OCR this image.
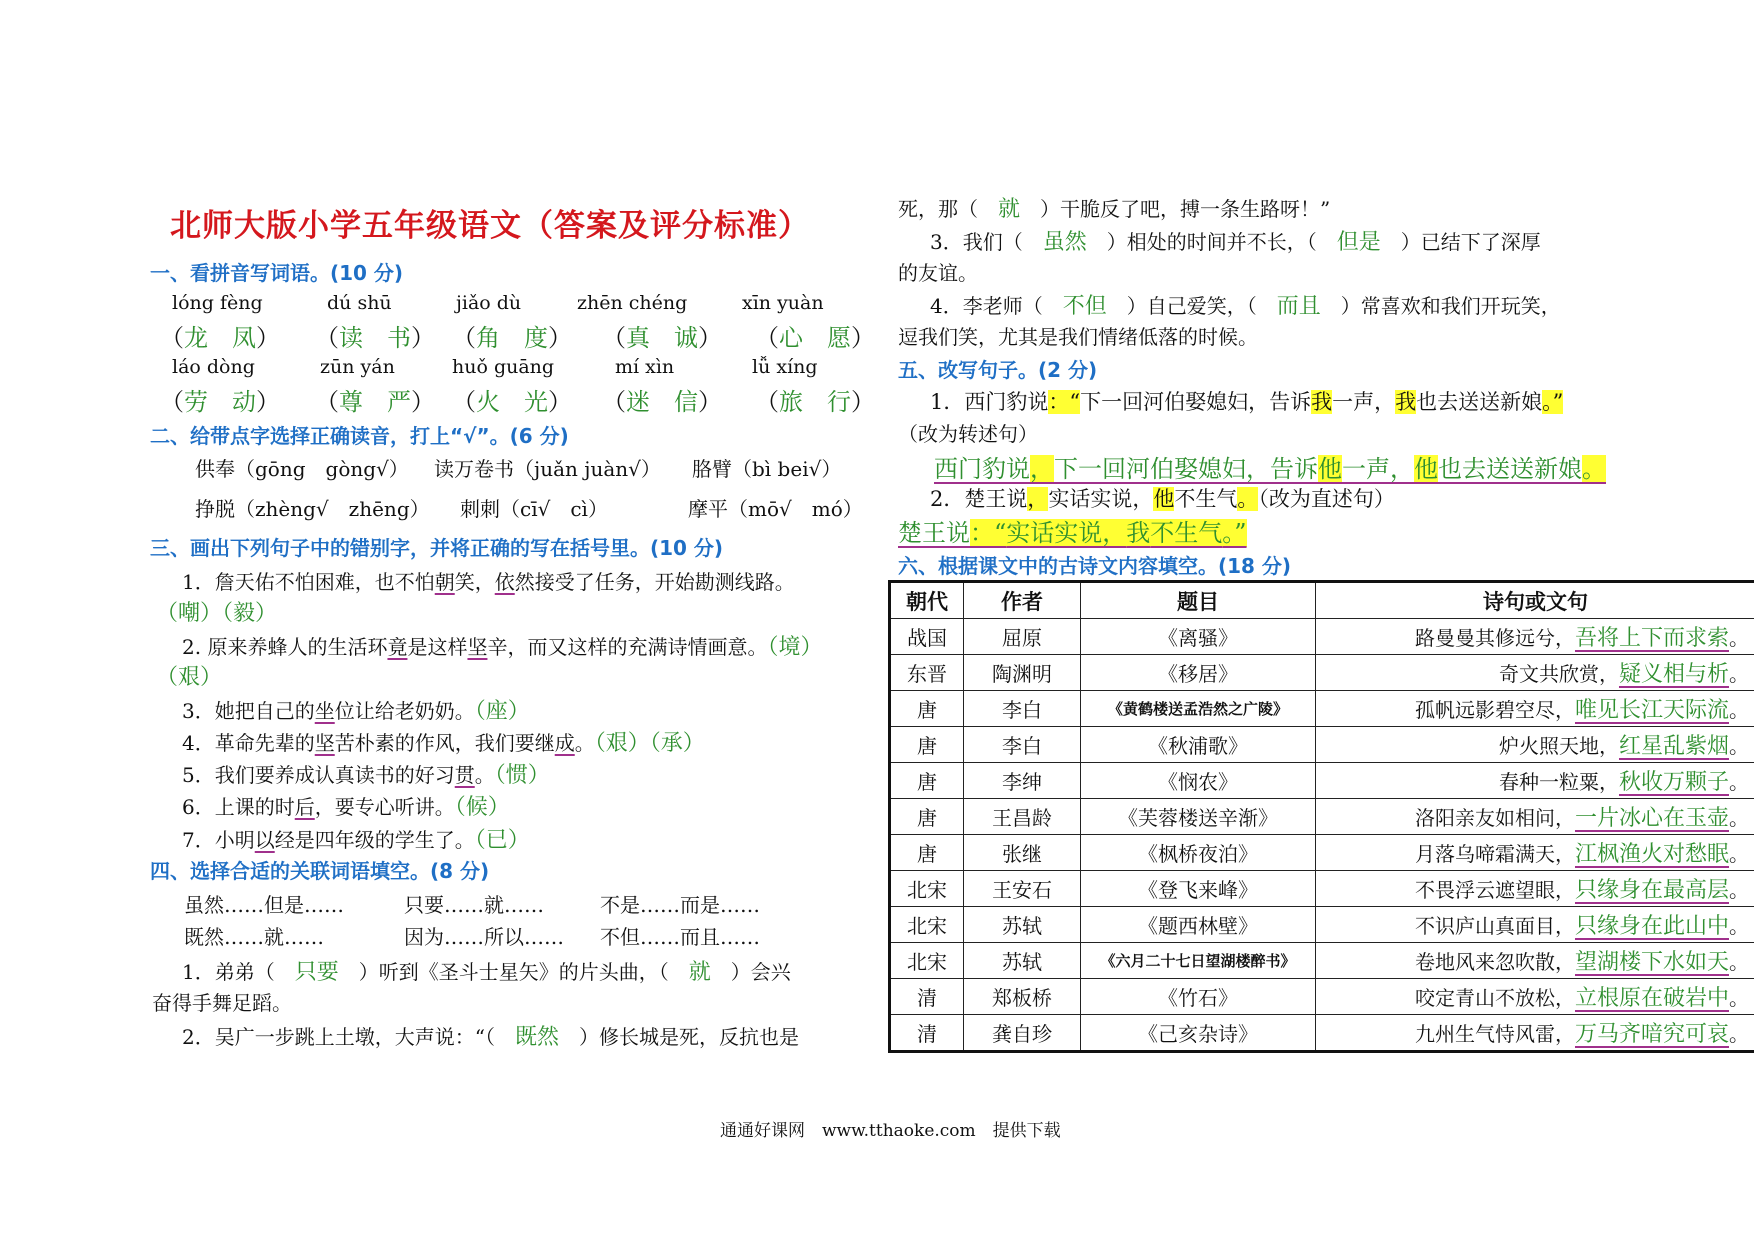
北师大版小学五年级语文（答案及评分标准）
一、看拼音写词语。(10 分)
lóng fèng	dú shū	jiǎo dù	zhēn chéng	xīn yuàn
（龙　凤） （读　书） （角　度） （真　诚） （心　愿）
láo dòng	zūn yán	huǒ guāng	mí xìn	lǚ xíng
（劳　动） （尊　严） （火　光） （迷　信） （旅　行）
二、给带点字选择正确读音，打上“√”。(6 分)
供奉（gōng　gòng√） 读万卷书（juǎn juàn√） 胳臂（bì bei√）
挣脱（zhèng√　zhēng） 刺刺（cī√　cì）	摩平（mō√　mó）
三、画出下列句子中的错别字，并将正确的写在括号里。(10 分)
1．詹天佑不怕困难，也不怕朝笑，依然接受了任务，开始勘测线路。
（嘲）（毅）
2. 原来养蜂人的生活环竟是这样坚辛，而又这样的充满诗情画意。（境）
（艰）
3．她把自己的坐位让给老奶奶。（座）
4．革命先辈的坚苦朴素的作风，我们要继成。（艰）（承）
5．我们要养成认真读书的好习贯。（惯）
6．上课的时后，要专心听讲。（候）
7．小明以经是四年级的学生了。（已）
四、选择合适的关联词语填空。(8 分)
虽然……但是……	只要……就……	不是……而是……
既然……就……	因为……所以…… 不但……而且……
1．弟弟（　 只要　 ）听到《圣斗士星矢》的片头曲，（　 就　 ）会兴
奋得手舞足蹈。
2．吴广一步跳上土墩，大声说：“（　 既然　 ）修长城是死，反抗也是
死，那（　 就　 ）干脆反了吧，搏一条生路呀！”
3．我们（　 虽然　 ）相处的时间并不长，（　 但是　 ）已结下了深厚
的友谊。
4．李老师（　 不但　 ）自己爱笑，（　 而且　 ）常喜欢和我们开玩笑，
逗我们笑，尤其是我们情绪低落的时候。
五、改写句子。(2 分)
1．西门豹说：“下一回河伯娶媳妇，告诉我一声，我也去送送新娘。”
（改为转述句）
西门豹说，下一回河伯娶媳妇，告诉他一声，他也去送送新娘。
2．楚王说，实话实说，他不生气。（改为直述句）
楚王说：“实话实说，我不生气。”
六、根据课文中的古诗文内容填空。(18 分)
朝代	作者	题目	诗句或文句
战国	屈原	《离骚》	路曼曼其修远兮，吾将上下而求索。
东晋	陶渊明	《移居》	奇文共欣赏，疑义相与析。
唐	李白	《黄鹤楼送孟浩然之广陵》	孤帆远影碧空尽，唯见长江天际流。
唐	李白	《秋浦歌》	炉火照天地，红星乱紫烟。
唐	李绅	《悯农》	春种一粒粟，秋收万颗子。
唐	王昌龄	《芙蓉楼送辛渐》	洛阳亲友如相问，一片冰心在玉壶。
唐	张继	《枫桥夜泊》	月落乌啼霜满天，江枫渔火对愁眠。
北宋	王安石	《登飞来峰》	不畏浮云遮望眼，只缘身在最高层。
北宋	苏轼	《题西林壁》	不识庐山真面目，只缘身在此山中。
北宋	苏轼	《六月二十七日望湖楼醉书》	卷地风来忽吹散，望湖楼下水如天。
清	郑板桥	《竹石》	咬定青山不放松，立根原在破岩中。
清	龚自珍	《己亥杂诗》	九州生气恃风雷，万马齐喑究可哀。
通通好课网　www.tthaoke.com　提供下载
